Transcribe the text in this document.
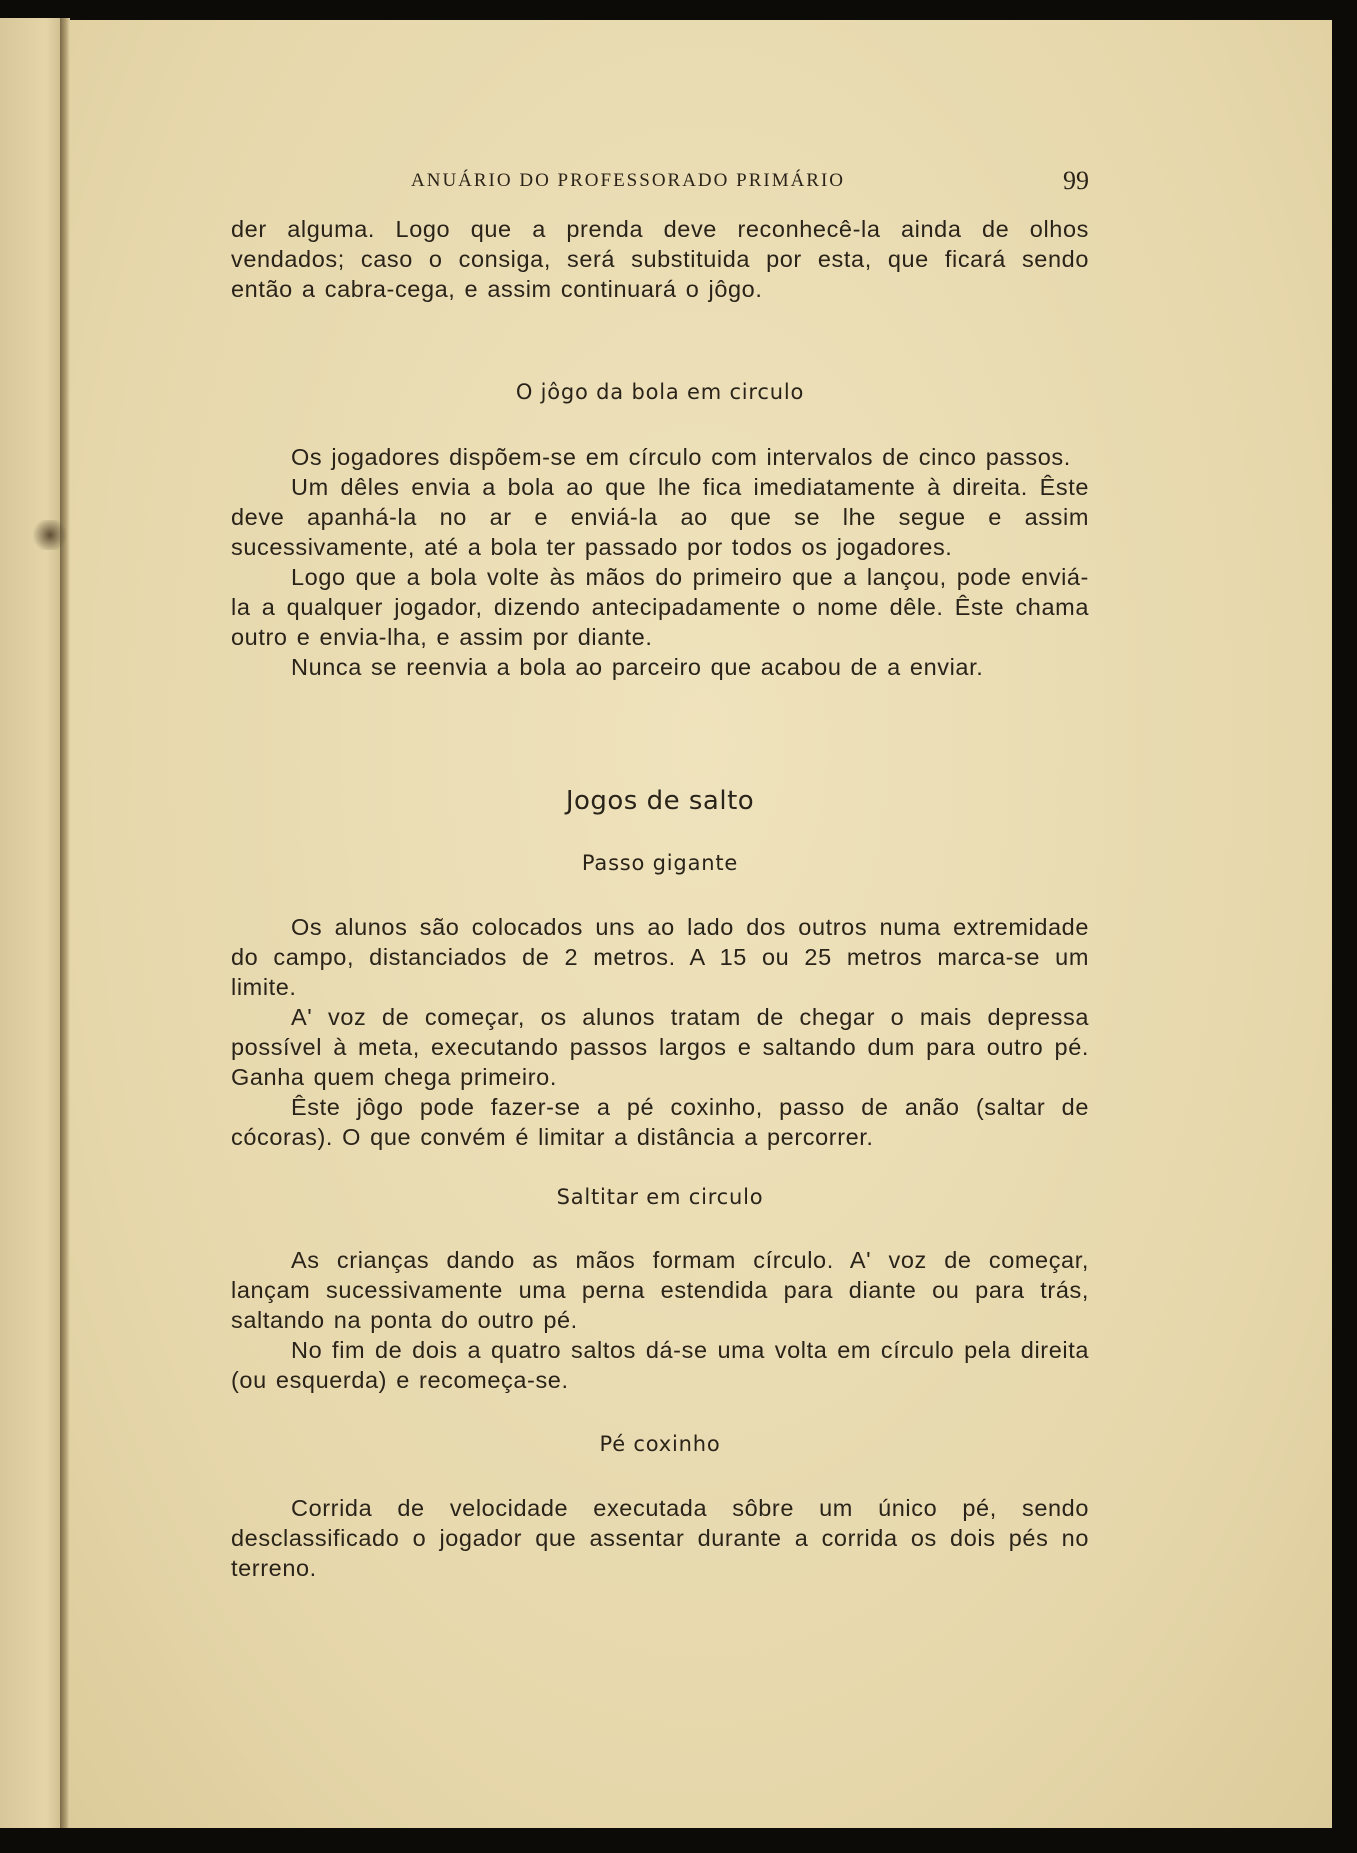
ANUÁRIO DO PROFESSORADO PRIMÁRIO	99

der alguma. Logo que a prenda deve reconhecê-la ainda de olhos vendados; caso o consiga, será substituida por esta, que ficará sendo então a cabra-cega, e assim continuará o jôgo.

O jôgo da bola em circulo

Os jogadores dispõem-se em círculo com intervalos de cinco passos.

Um dêles envia a bola ao que lhe fica imediatamente à direita. Êste deve apanhá-la no ar e enviá-la ao que se lhe segue e assim sucessivamente, até a bola ter passado por todos os jogadores.

Logo que a bola volte às mãos do primeiro que a lançou, pode enviá-la a qualquer jogador, dizendo antecipadamente o nome dêle. Êste chama outro e envia-lha, e assim por diante.

Nunca se reenvia a bola ao parceiro que acabou de a enviar.

Jogos de salto

Passo gigante

Os alunos são colocados uns ao lado dos outros numa extremidade do campo, distanciados de 2 metros. A 15 ou 25 metros marca-se um limite.

A' voz de começar, os alunos tratam de chegar o mais depressa possível à meta, executando passos largos e saltando dum para outro pé. Ganha quem chega primeiro.

Êste jôgo pode fazer-se a pé coxinho, passo de anão (saltar de cócoras). O que convém é limitar a distância a percorrer.

Saltitar em circulo

As crianças dando as mãos formam círculo. A' voz de começar, lançam sucessivamente uma perna estendida para diante ou para trás, saltando na ponta do outro pé.

No fim de dois a quatro saltos dá-se uma volta em círculo pela direita (ou esquerda) e recomeça-se.

Pé coxinho

Corrida de velocidade executada sôbre um único pé, sendo desclassificado o jogador que assentar durante a corrida os dois pés no terreno.
